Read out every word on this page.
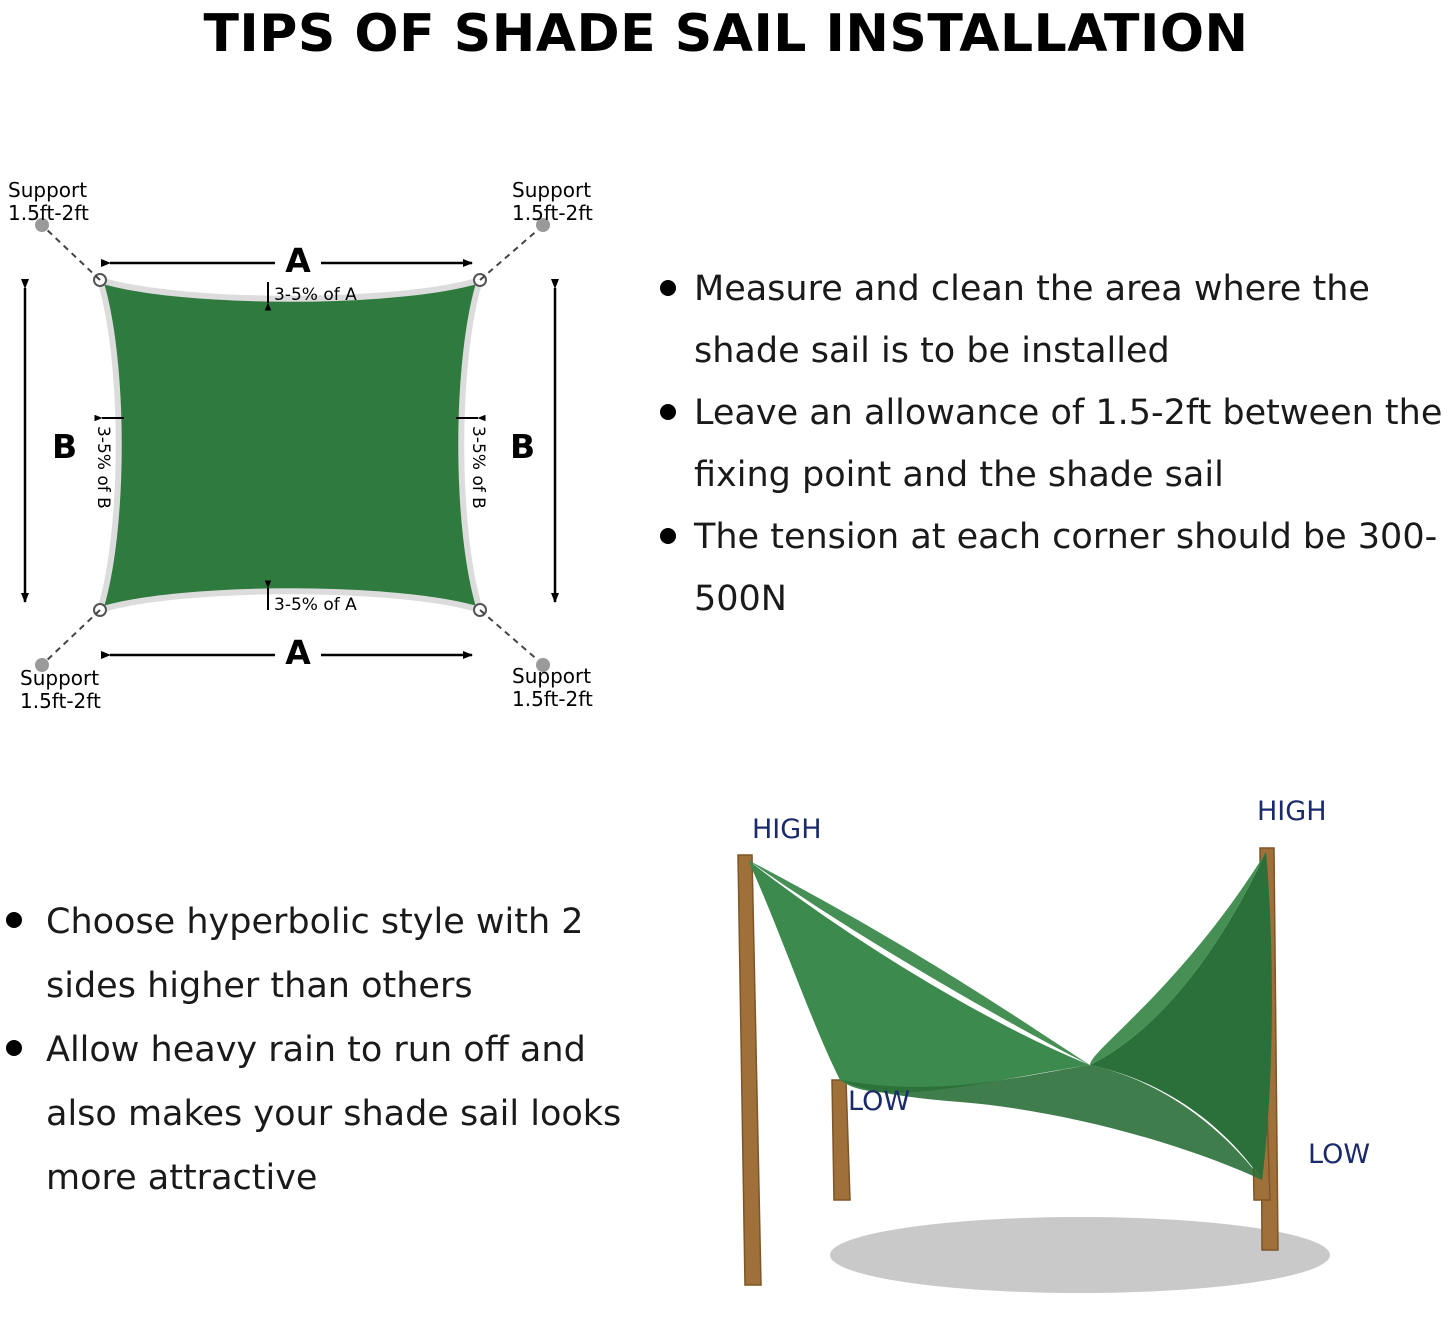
TIPS OF SHADE SAIL INSTALLATION
Support
1.5ft-2ft
Support
1.5ft-2ft
Support
1.5ft-2ft
Support
1.5ft-2ft
A
A
B	B
3-5% of A
3-5% of A
3-5% of B	3-5% of B
Measure and clean the area where the shade sail is to be installed
Leave an allowance of 1.5-2ft between the fixing point and the shade sail
The tension at each corner should be 300-500N
Choose hyperbolic style with 2 sides higher than others
Allow heavy rain to run off and also makes your shade sail looks more attractive
HIGH
HIGH
LOW
LOW
